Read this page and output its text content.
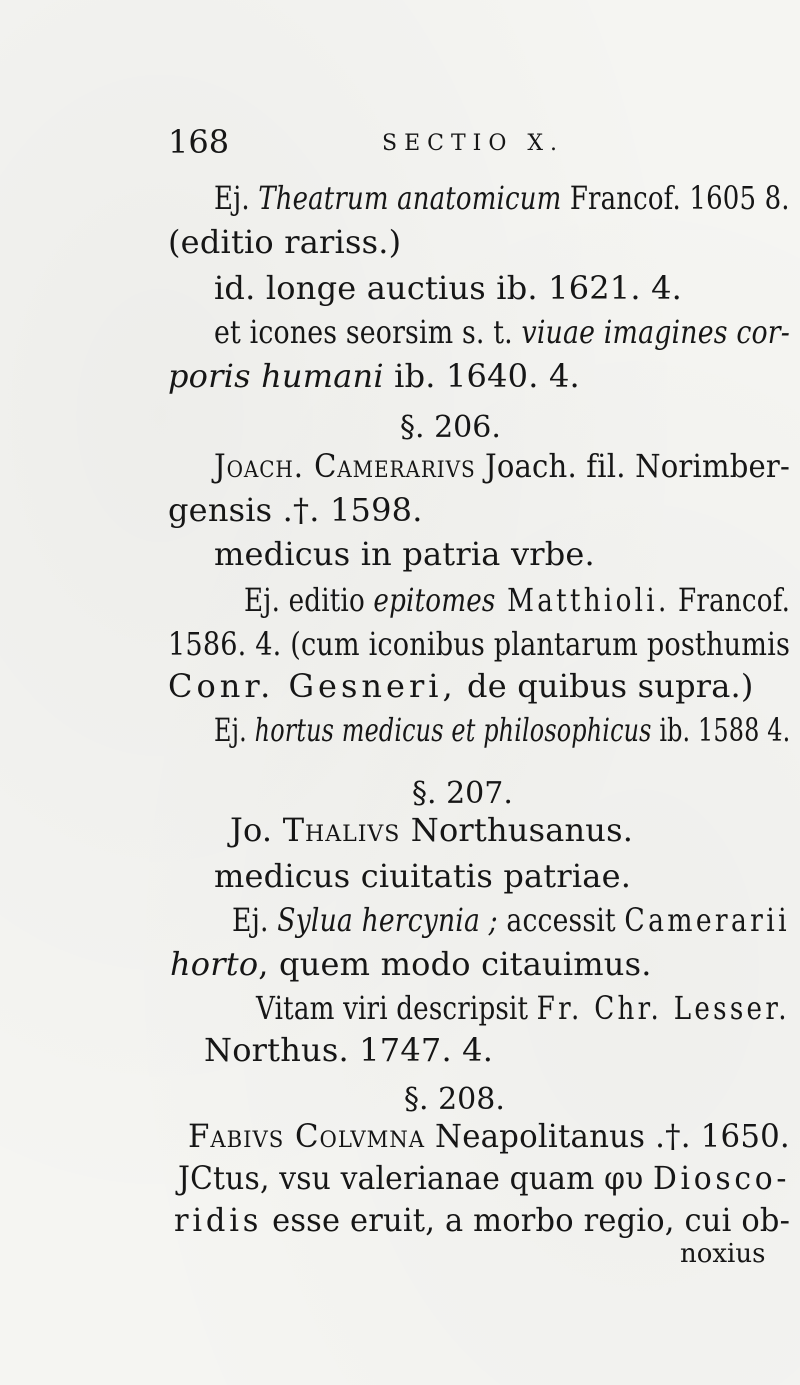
168	SECTIO X.
Ej. Theatrum anatomicum Francof. 1605 8.
(editio rariss.)
id. longe auctius ib. 1621. 4.
et icones seorsim s. t. viuae imagines cor-
poris humani ib. 1640. 4.
§. 206.
Joach. Camerarivs Joach. fil. Norimber-
gensis .†. 1598.
medicus in patria vrbe.
Ej. editio epitomes Matthioli. Francof.
1586. 4. (cum iconibus plantarum posthumis
Conr. Gesneri, de quibus supra.)
Ej. hortus medicus et philosophicus ib. 1588 4.
§. 207.
Jo. Thalivs Northusanus.
medicus ciuitatis patriae.
Ej. Sylua hercynia ; accessit Camerarii
horto, quem modo citauimus.
Vitam viri descripsit Fr. Chr. Lesser.
Northus. 1747. 4.
§. 208.
Fabivs Colvmna Neapolitanus .†. 1650.
JCtus, vsu valerianae quam φυ Diosco-
ridis esse eruit, a morbo regio, cui ob-
noxius
